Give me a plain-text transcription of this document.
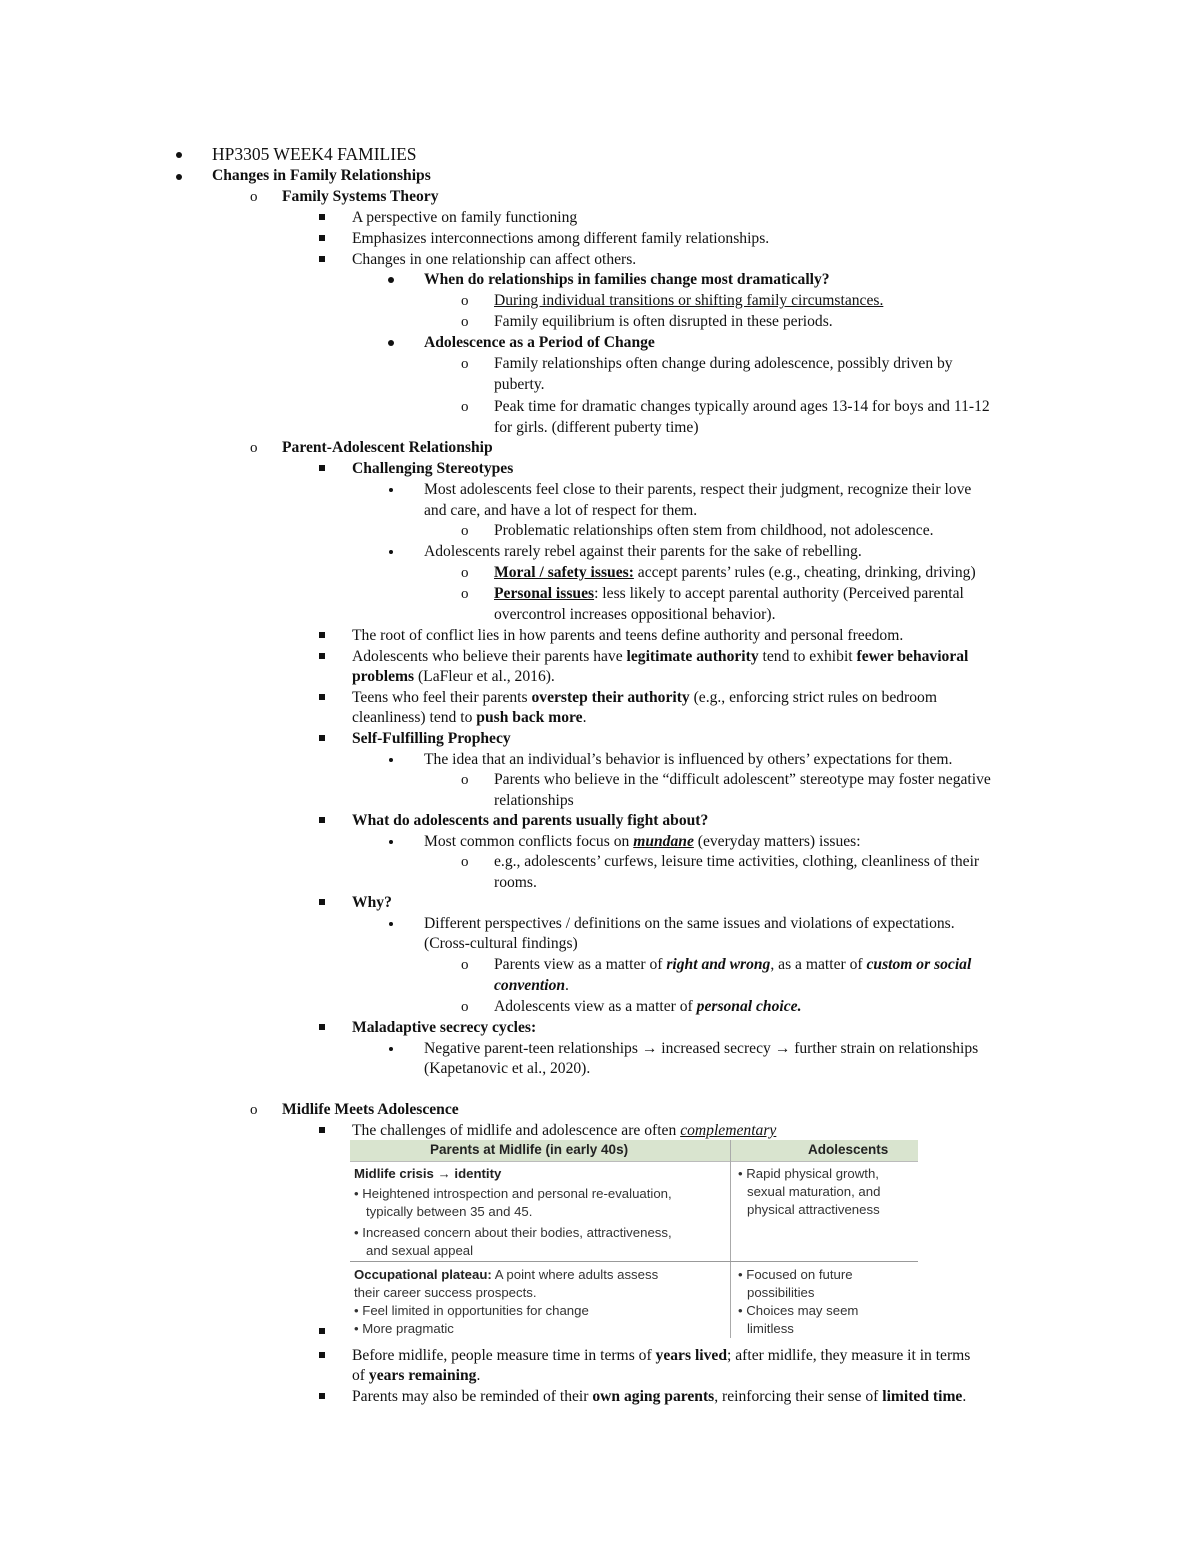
HP3305 WEEK4 FAMILIES
Changes in Family Relationships
o Family Systems Theory
A perspective on family functioning
Emphasizes interconnections among different family relationships.
Changes in one relationship can affect others.
When do relationships in families change most dramatically?
o During individual transitions or shifting family circumstances.
o Family equilibrium is often disrupted in these periods.
Adolescence as a Period of Change
o Family relationships often change during adolescence, possibly driven by
puberty.
o Peak time for dramatic changes typically around ages 13-14 for boys and 11-12
for girls. (different puberty time)
o Parent-Adolescent Relationship
Challenging Stereotypes
Most adolescents feel close to their parents, respect their judgment, recognize their love
and care, and have a lot of respect for them.
o Problematic relationships often stem from childhood, not adolescence.
Adolescents rarely rebel against their parents for the sake of rebelling.
o Moral / safety issues: accept parents’ rules (e.g., cheating, drinking, driving)
o Personal issues: less likely to accept parental authority (Perceived parental
overcontrol increases oppositional behavior).
The root of conflict lies in how parents and teens define authority and personal freedom.
Adolescents who believe their parents have legitimate authority tend to exhibit fewer behavioral
problems (LaFleur et al., 2016).
Teens who feel their parents overstep their authority (e.g., enforcing strict rules on bedroom
cleanliness) tend to push back more.
Self-Fulfilling Prophecy
The idea that an individual’s behavior is influenced by others’ expectations for them.
o Parents who believe in the “difficult adolescent” stereotype may foster negative
relationships
What do adolescents and parents usually fight about?
Most common conflicts focus on mundane (everyday matters) issues:
o e.g., adolescents’ curfews, leisure time activities, clothing, cleanliness of their
rooms.
Why?
Different perspectives / definitions on the same issues and violations of expectations.
(Cross-cultural findings)
o Parents view as a matter of right and wrong, as a matter of custom or social
convention.
o Adolescents view as a matter of personal choice.
Maladaptive secrecy cycles:
Negative parent-teen relationships → increased secrecy → further strain on relationships
(Kapetanovic et al., 2020).
o Midlife Meets Adolescence
The challenges of midlife and adolescence are often complementary
Parents at Midlife (in early 40s)	Adolescents
Midlife crisis → identity
• Heightened introspection and personal re-evaluation,
typically between 35 and 45.
• Increased concern about their bodies, attractiveness,
and sexual appeal
• Rapid physical growth,
sexual maturation, and
physical attractiveness
Occupational plateau: A point where adults assess
their career success prospects.
• Feel limited in opportunities for change
• More pragmatic
• Focused on future
possibilities
• Choices may seem
limitless
Before midlife, people measure time in terms of years lived; after midlife, they measure it in terms
of years remaining.
Parents may also be reminded of their own aging parents, reinforcing their sense of limited time.
